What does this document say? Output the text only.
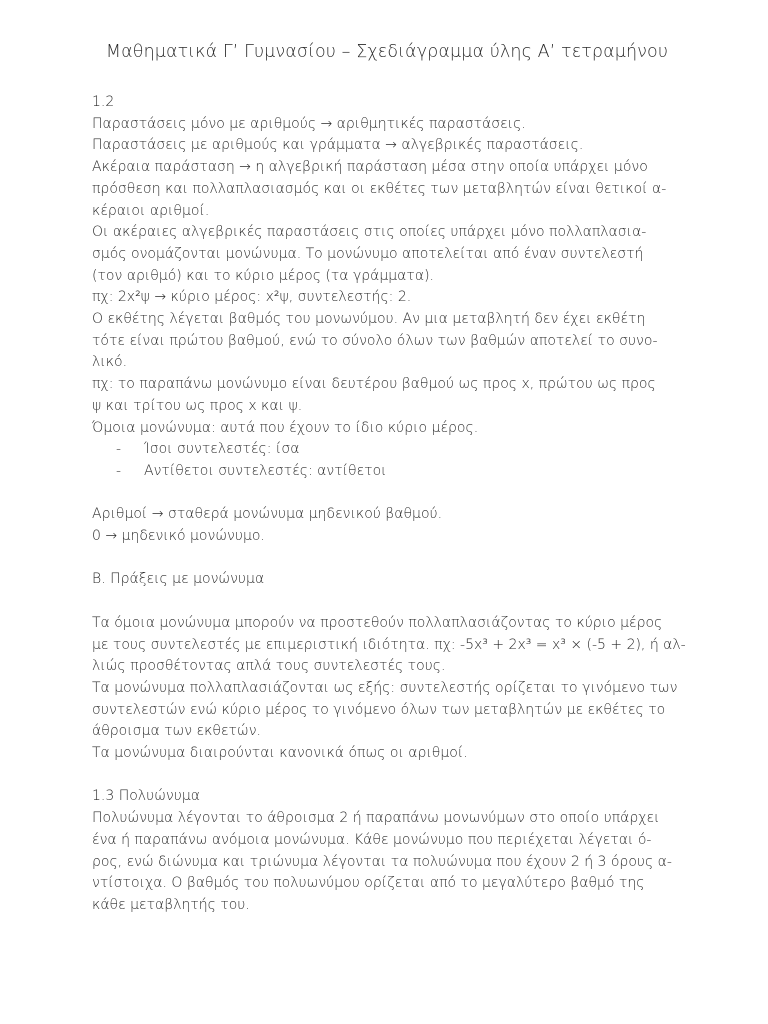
Μαθηματικά Γ’ Γυμνασίου – Σχεδιάγραμμα ύλης Α’ τετραμήνου

1.2

Παραστάσεις μόνο με αριθμούς → αριθμητικές παραστάσεις.

Παραστάσεις με αριθμούς και γράμματα → αλγεβρικές παραστάσεις.

Ακέραια παράσταση → η αλγεβρική παράσταση μέσα στην οποία υπάρχει μόνο

πρόσθεση και πολλαπλασιασμός και οι εκθέτες των μεταβλητών είναι θετικοί α-

κέραιοι αριθμοί.

Οι ακέραιες αλγεβρικές παραστάσεις στις οποίες υπάρχει μόνο πολλαπλασια-

σμός ονομάζονται μονώνυμα. Το μονώνυμο αποτελείται από έναν συντελεστή

(τον αριθμό) και το κύριο μέρος (τα γράμματα).

πχ: 2x²ψ → κύριο μέρος: x²ψ, συντελεστής: 2.

Ο εκθέτης λέγεται βαθμός του μονωνύμου. Αν μια μεταβλητή δεν έχει εκθέτη

τότε είναι πρώτου βαθμού, ενώ το σύνολο όλων των βαθμών αποτελεί το συνο-

λικό.

πχ: το παραπάνω μονώνυμο είναι δευτέρου βαθμού ως προς x, πρώτου ως προς

ψ και τρίτου ως προς x και ψ.

Όμοια μονώνυμα: αυτά που έχουν το ίδιο κύριο μέρος.

- Ίσοι συντελεστές: ίσα

- Αντίθετοι συντελεστές: αντίθετοι

Αριθμοί → σταθερά μονώνυμα μηδενικού βαθμού.

0 → μηδενικό μονώνυμο.

Β. Πράξεις με μονώνυμα

Τα όμοια μονώνυμα μπορούν να προστεθούν πολλαπλασιάζοντας το κύριο μέρος

με τους συντελεστές με επιμεριστική ιδιότητα. πχ: -5x³ + 2x³ = x³ × (-5 + 2), ή αλ-

λιώς προσθέτοντας απλά τους συντελεστές τους.

Τα μονώνυμα πολλαπλασιάζονται ως εξής: συντελεστής ορίζεται το γινόμενο των

συντελεστών ενώ κύριο μέρος το γινόμενο όλων των μεταβλητών με εκθέτες το

άθροισμα των εκθετών.

Τα μονώνυμα διαιρούνται κανονικά όπως οι αριθμοί.

1.3 Πολυώνυμα

Πολυώνυμα λέγονται το άθροισμα 2 ή παραπάνω μονωνύμων στο οποίο υπάρχει

ένα ή παραπάνω ανόμοια μονώνυμα. Κάθε μονώνυμο που περιέχεται λέγεται ό-

ρος, ενώ διώνυμα και τριώνυμα λέγονται τα πολυώνυμα που έχουν 2 ή 3 όρους α-

ντίστοιχα. Ο βαθμός του πολυωνύμου ορίζεται από το μεγαλύτερο βαθμό της

κάθε μεταβλητής του.
